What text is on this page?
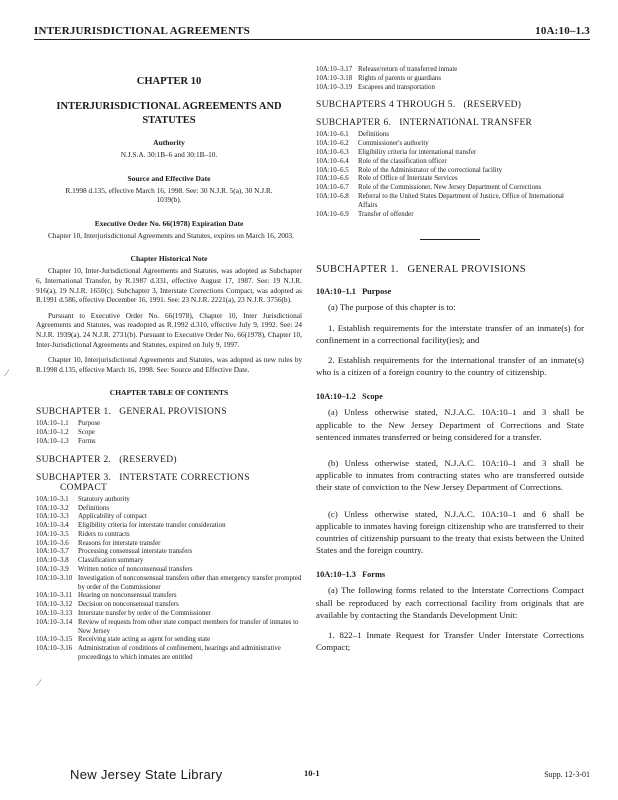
INTERJURISDICTIONAL AGREEMENTS	10A:10–1.3
CHAPTER 10
INTERJURISDICTIONAL AGREEMENTS AND STATUTES
Authority
N.J.S.A. 30:1B–6 and 30:1B–10.
Source and Effective Date
R.1998 d.135, effective March 16, 1998. See: 30 N.J.R. 5(a), 30 N.J.R. 1039(b).
Executive Order No. 66(1978) Expiration Date
Chapter 10, Interjurisdictional Agreements and Statutes, expires on March 16, 2003.
Chapter Historical Note
Chapter 10, Inter-Jurisdictional Agreements and Statutes, was adopted as Subchapter 6, International Transfer, by R.1987 d.331, effective August 17, 1987. See: 19 N.J.R. 916(a), 19 N.J.R. 1650(c). Subchapter 3, Interstate Corrections Compact, was adopted as R.1991 d.586, effective December 16, 1991. See: 23 N.J.R. 2221(a), 23 N.J.R. 3756(b).
Pursuant to Executive Order No. 66(1978), Chapter 10, Inter Jurisdictional Agreements and Statutes, was readopted as R.1992 d.310, effective July 9, 1992. See: 24 N.J.R. 1939(a), 24 N.J.R. 2731(b). Pursuant to Executive Order No. 66(1978), Chapter 10, Inter-Jurisdictional Agreements and Statutes, expired on July 9, 1997.
Chapter 10, Interjurisdictional Agreements and Statutes, was adopted as new rules by R.1998 d.135, effective March 16, 1998. See: Source and Effective Date.
CHAPTER TABLE OF CONTENTS
SUBCHAPTER 1.   GENERAL PROVISIONS
10A:10–1.1	Purpose
10A:10–1.2	Scope
10A:10–1.3	Forms
SUBCHAPTER 2.   (RESERVED)
SUBCHAPTER 3.   INTERSTATE CORRECTIONS
COMPACT
10A:10–3.1	Statutory authority
10A:10–3.2	Definitions
10A:10–3.3	Applicability of compact
10A:10–3.4	Eligibility criteria for interstate transfer consideration
10A:10–3.5	Riders to contracts
10A:10–3.6	Reasons for interstate transfer
10A:10–3.7	Processing consensual interstate transfers
10A:10–3.8	Classification summary
10A:10–3.9	Written notice of nonconsensual transfers
10A:10–3.10 Investigation of nonconsensual transfers other than emergency transfer prompted by order of the Commissioner
10A:10–3.11 Hearing on nonconsensual transfers
10A:10–3.12 Decision on nonconsensual transfers
10A:10–3.13 Interstate transfer by order of the Commissioner
10A:10–3.14 Review of requests from other state compact members for transfer of inmates to New Jersey
10A:10–3.15 Receiving state acting as agent for sending state
10A:10–3.16 Administration of conditions of confinement, hearings and administrative proceedings to which inmates are entitled
10A:10–3.17 Release/return of transferred inmate
10A:10–3.18 Rights of parents or guardians
10A:10–3.19 Escapees and transportation
SUBCHAPTERS 4 THROUGH 5.   (RESERVED)
SUBCHAPTER 6.   INTERNATIONAL TRANSFER
10A:10–6.1	Definitions
10A:10–6.2	Commissioner's authority
10A:10–6.3	Eligibility criteria for international transfer
10A:10–6.4	Role of the classification officer
10A:10–6.5	Role of the Administrator of the correctional facility
10A:10–6.6	Role of Office of Interstate Services
10A:10–6.7	Role of the Commissioner, New Jersey Department of Corrections
10A:10–6.8	Referral to the United States Department of Justice, Office of International Affairs
10A:10–6.9	Transfer of offender
SUBCHAPTER 1.   GENERAL PROVISIONS
10A:10–1.1   Purpose
(a) The purpose of this chapter is to:
1. Establish requirements for the interstate transfer of an inmate(s) for confinement in a correctional facility(ies); and
2. Establish requirements for the international transfer of an inmate(s) who is a citizen of a foreign country to the country of citizenship.
10A:10–1.2   Scope
(a) Unless otherwise stated, N.J.A.C. 10A:10–1 and 3 shall be applicable to the New Jersey Department of Corrections and State sentenced inmates transferred or being considered for a transfer.
(b) Unless otherwise stated, N.J.A.C. 10A:10–1 and 3 shall be applicable to inmates from contracting states who are transferred outside their state of conviction to the New Jersey Department of Corrections.
(c) Unless otherwise stated, N.J.A.C. 10A:10–1 and 6 shall be applicable to inmates having foreign citizenship who are transferred to their countries of citizenship pursuant to the treaty that exists between the United States and the foreign country.
10A:10–1.3   Forms
(a) The following forms related to the Interstate Corrections Compact shall be reproduced by each correctional facility from originals that are available by contacting the Standards Development Unit:
1. 822–1 Inmate Request for Transfer Under Interstate Corrections Compact;
∕
∕
New Jersey State Library	10-1	Supp. 12-3-01
